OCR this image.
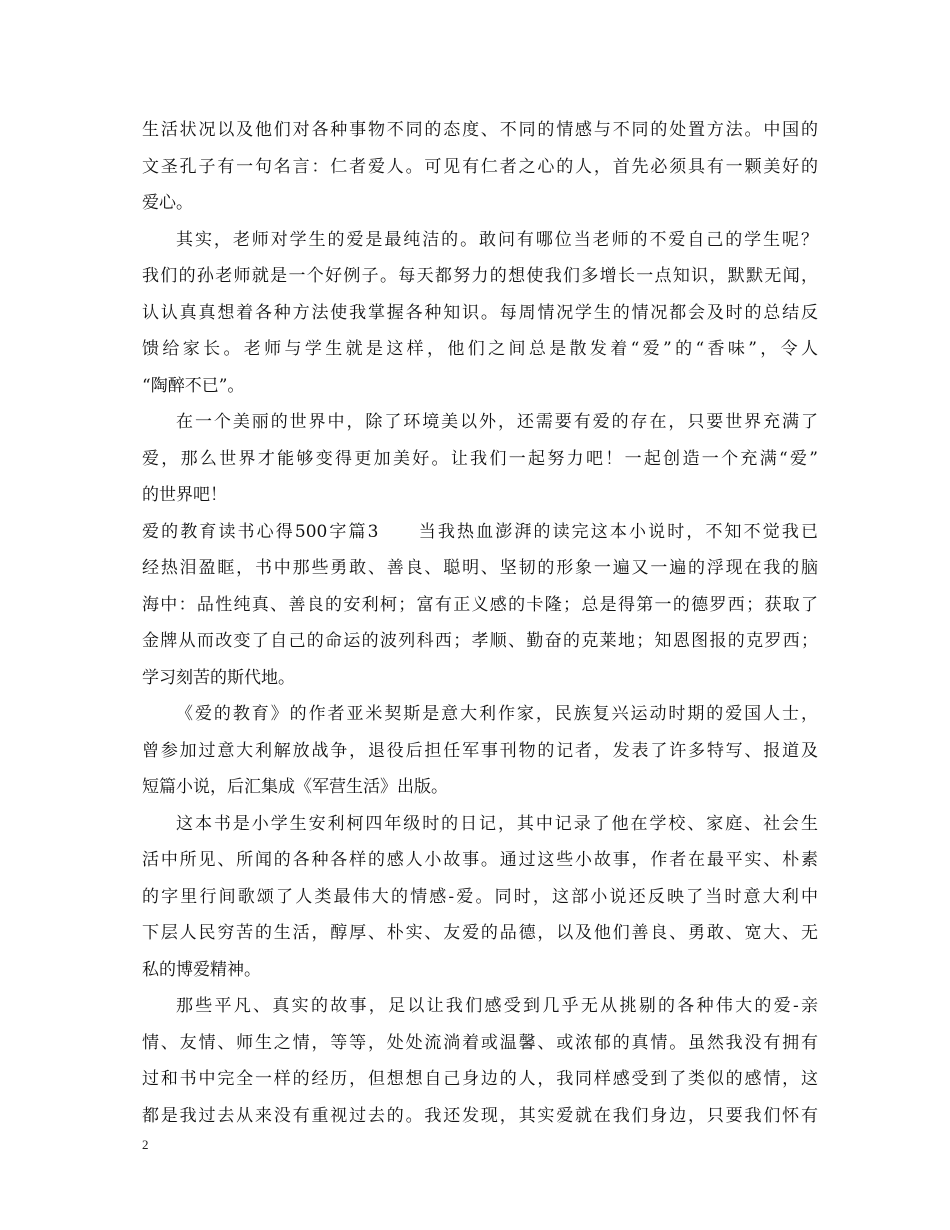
生活状况以及他们对各种事物不同的态度、不同的情感与不同的处置方法。中国的
文圣孔子有一句名言：仁者爱人。可见有仁者之心的人，首先必须具有一颗美好的
爱心。
其实，老师对学生的爱是最纯洁的。敢问有哪位当老师的不爱自己的学生呢？
我们的孙老师就是一个好例子。每天都努力的想使我们多增长一点知识，默默无闻，
认认真真想着各种方法使我掌握各种知识。每周情况学生的情况都会及时的总结反
馈给家长。老师与学生就是这样，他们之间总是散发着“爱”的“香味”，令人
“陶醉不已”。
在一个美丽的世界中，除了环境美以外，还需要有爱的存在，只要世界充满了
爱，那么世界才能够变得更加美好。让我们一起努力吧！一起创造一个充满“爱”
的世界吧！
爱的教育读书心得500字篇3　　当我热血澎湃的读完这本小说时，不知不觉我已
经热泪盈眶，书中那些勇敢、善良、聪明、坚韧的形象一遍又一遍的浮现在我的脑
海中：品性纯真、善良的安利柯；富有正义感的卡隆；总是得第一的德罗西；获取了
金牌从而改变了自己的命运的波列科西；孝顺、勤奋的克莱地；知恩图报的克罗西；
学习刻苦的斯代地。
《爱的教育》的作者亚米契斯是意大利作家，民族复兴运动时期的爱国人士，
曾参加过意大利解放战争，退役后担任军事刊物的记者，发表了许多特写、报道及
短篇小说，后汇集成《军营生活》出版。
这本书是小学生安利柯四年级时的日记，其中记录了他在学校、家庭、社会生
活中所见、所闻的各种各样的感人小故事。通过这些小故事，作者在最平实、朴素
的字里行间歌颂了人类最伟大的情感-爱。同时，这部小说还反映了当时意大利中
下层人民穷苦的生活，醇厚、朴实、友爱的品德，以及他们善良、勇敢、宽大、无
私的博爱精神。
那些平凡、真实的故事，足以让我们感受到几乎无从挑剔的各种伟大的爱-亲
情、友情、师生之情，等等，处处流淌着或温馨、或浓郁的真情。虽然我没有拥有
过和书中完全一样的经历，但想想自己身边的人，我同样感受到了类似的感情，这
都是我过去从来没有重视过去的。我还发现，其实爱就在我们身边，只要我们怀有
2
